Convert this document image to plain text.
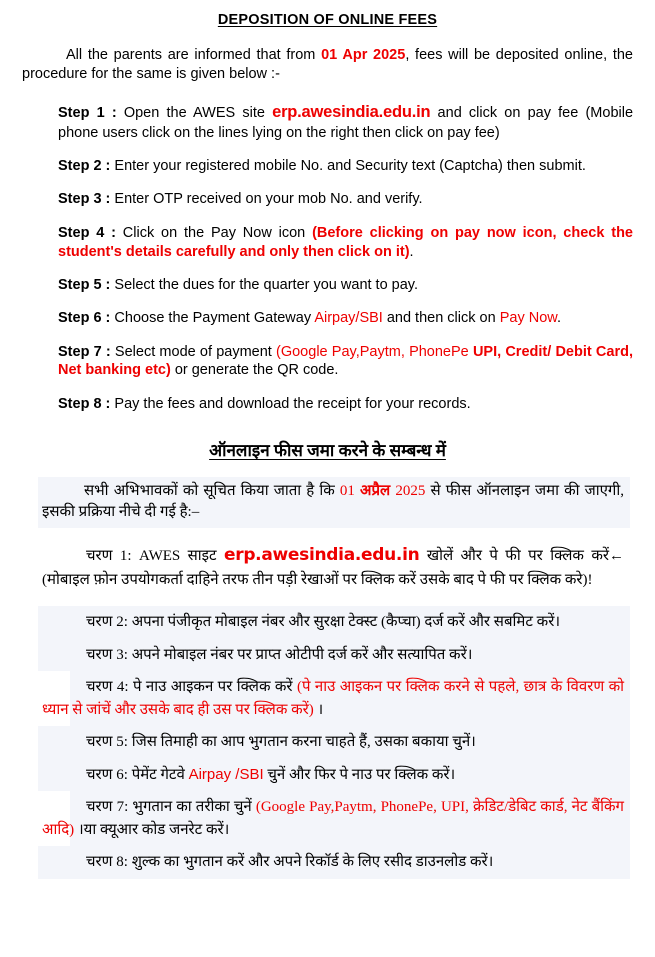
DEPOSITION OF ONLINE FEES

All the parents are informed that from 01 Apr 2025, fees will be deposited online, the procedure for the same is given below :-

Step 1 : Open the AWES site erp.awesindia.edu.in and click on pay fee (Mobile phone users click on the lines lying on the right then click on pay fee)

Step 2 : Enter your registered mobile No. and Security text (Captcha) then submit.

Step 3 : Enter OTP received on your mob No. and verify.

Step 4 : Click on the Pay Now icon (Before clicking on pay now icon, check the student's details carefully and only then click on it).

Step 5 : Select the dues for the quarter you want to pay.

Step 6 : Choose the Payment Gateway Airpay/SBI and then click on Pay Now.

Step 7 : Select mode of payment (Google Pay,Paytm, PhonePe UPI, Credit/ Debit Card, Net banking etc) or generate the QR code.

Step 8 : Pay the fees and download the receipt for your records.

ऑनलाइन फीस जमा करने के सम्बन्ध में
सभी अभिभावकों को सूचित किया जाता है कि 01 अप्रैल 2025 से फीस ऑनलाइन जमा की जाएगी, इसकी प्रक्रिया नीचे दी गई है:–
चरण 1: AWES साइट erp.awesindia.edu.in खोलें और पे फी पर क्लिक करें← (मोबाइल फ़ोन उपयोगकर्ता दाहिने तरफ तीन पड़ी रेखाओं पर क्लिक करें उसके बाद पे फी पर क्लिक करे)!
चरण 2: अपना पंजीकृत मोबाइल नंबर और सुरक्षा टेक्स्ट (कैप्चा) दर्ज करें और सबमिट करें।
चरण 3: अपने मोबाइल नंबर पर प्राप्त ओटीपी दर्ज करें और सत्यापित करें।
चरण 4: पे नाउ आइकन पर क्लिक करें (पे नाउ आइकन पर क्लिक करने से पहले, छात्र के विवरण को ध्यान से जांचें और उसके बाद ही उस पर क्लिक करें) ।
चरण 5: जिस तिमाही का आप भुगतान करना चाहते हैं, उसका बकाया चुनें।
चरण 6: पेमेंट गेटवे Airpay /SBI चुनें और फिर पे नाउ पर क्लिक करें।
चरण 7: भुगतान का तरीका चुनें (Google Pay,Paytm, PhonePe, UPI, क्रेडिट/डेबिट कार्ड, नेट बैंकिंग आदि) ।या क्यूआर कोड जनरेट करें।
चरण 8: शुल्क का भुगतान करें और अपने रिकॉर्ड के लिए रसीद डाउनलोड करें।
